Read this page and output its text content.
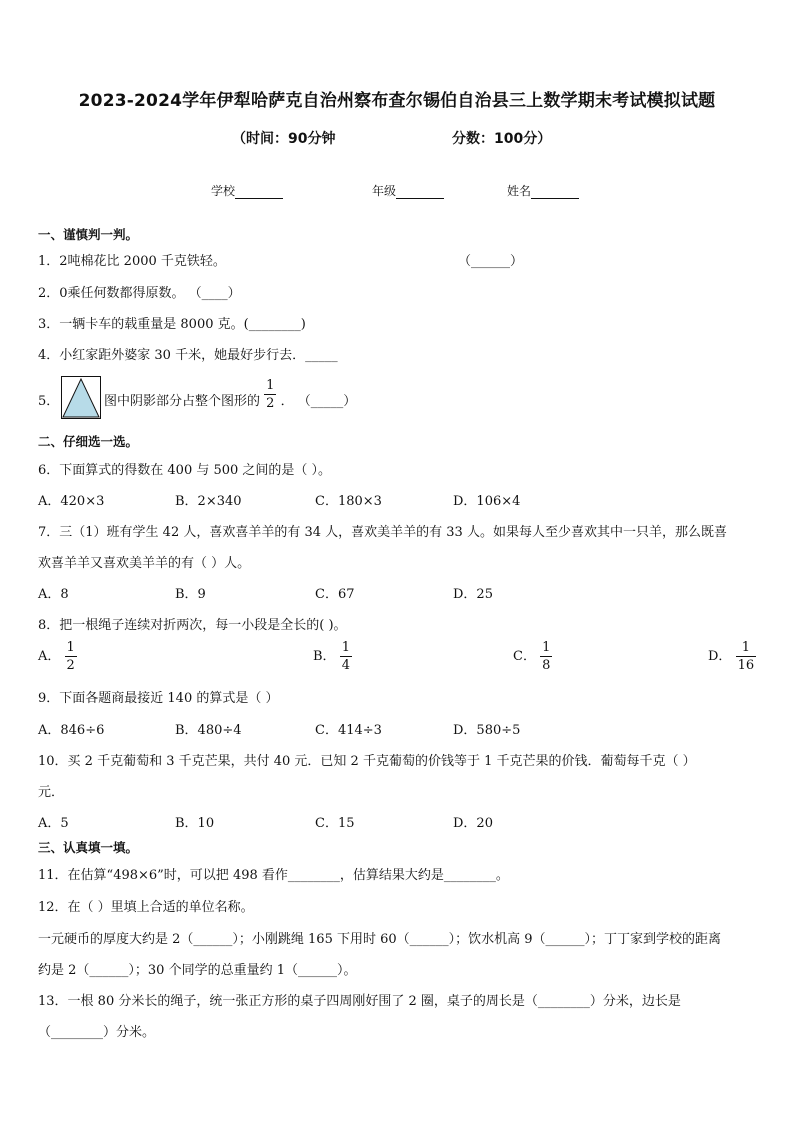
2023-2024学年伊犁哈萨克自治州察布查尔锡伯自治县三上数学期末考试模拟试题
（时间：90分钟	分数：100分）
学校	年级	姓名
一、谨慎判一判。
1．2吨棉花比 2000 千克铁轻。	（______）
2．0乘任何数都得原数。 （____）
3．一辆卡车的载重量是 8000 克。(________)
4．小红家距外婆家 30 千米，她最好步行去．_____
5．	图中阴影部分占整个图形的 $\frac{1}{2}$ ． （_____）
二、仔细选一选。
6．下面算式的得数在 400 与 500 之间的是（ ）。
A．420×3	B．2×340	C．180×3	D．106×4
7．三（1）班有学生 42 人，喜欢喜羊羊的有 34 人，喜欢美羊羊的有 33 人。如果每人至少喜欢其中一只羊，那么既喜
欢喜羊羊又喜欢美羊羊的有（ ）人。
A．8	B．9	C．67	D．25
8．把一根绳子连续对折两次，每一小段是全长的( )。
A． $\frac{1}{2}$	B． $\frac{1}{4}$	C． $\frac{1}{8}$	D． $\frac{1}{16}$
9．下面各题商最接近 140 的算式是（ ）
A．846÷6	B．480÷4	C．414÷3	D．580÷5
10．买 2 千克葡萄和 3 千克芒果，共付 40 元．已知 2 千克葡萄的价钱等于 1 千克芒果的价钱．葡萄每千克（ ）
元．
A．5	B．10	C．15	D．20
三、认真填一填。
11．在估算“498×6”时，可以把 498 看作________，估算结果大约是________。
12．在（ ）里填上合适的单位名称。
一元硬币的厚度大约是 2（______）；小刚跳绳 165 下用时 60（______）；饮水机高 9（______）；丁丁家到学校的距离
约是 2（______）；30 个同学的总重量约 1（______）。
13．一根 80 分米长的绳子，统一张正方形的桌子四周刚好围了 2 圈，桌子的周长是（________）分米，边长是
（________）分米。
